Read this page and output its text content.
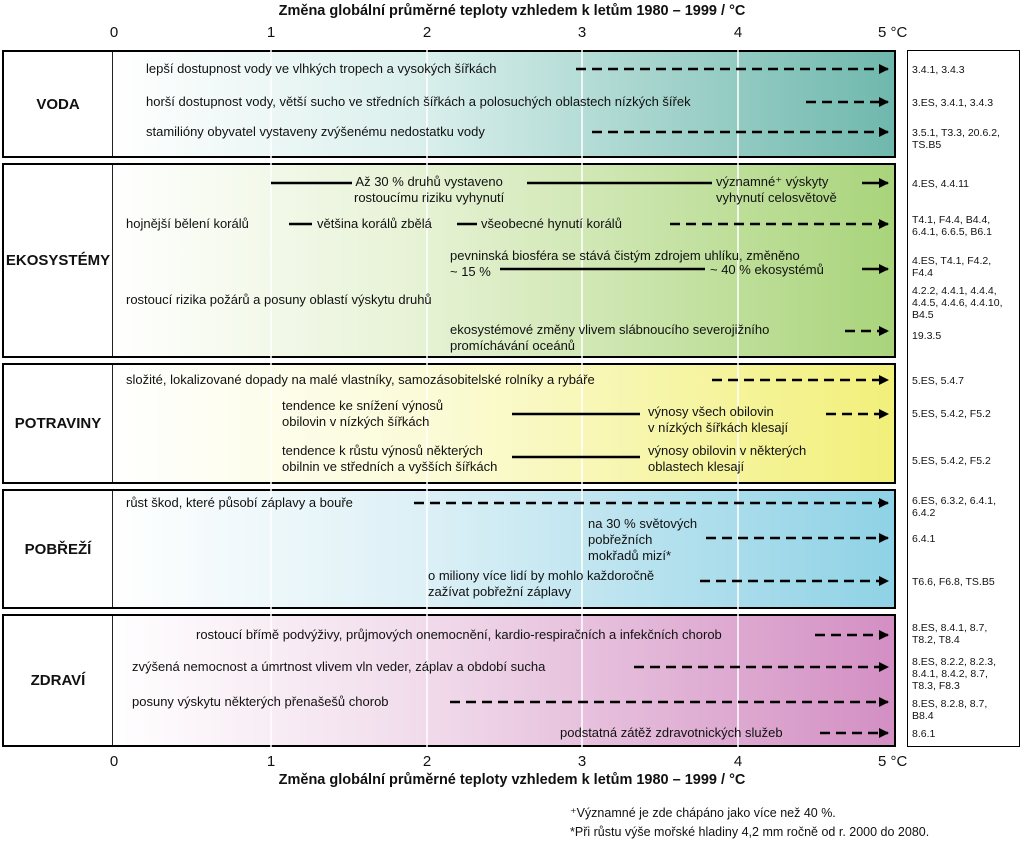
Změna globální průměrné teploty vzhledem k letům 1980 – 1999 / °C
0	1	2	3	4	5 °C
VODA
EKOSYSTÉMY
POTRAVINY
POBŘEŽÍ
ZDRAVÍ
lepší dostupnost vody ve vlhkých tropech a vysokých šířkách
horší dostupnost vody, větší sucho ve středních šířkách a polosuchých oblastech nízkých šířek
stamilióny obyvatel vystaveny zvýšenému nedostatku vody
Až 30 % druhů vystaveno
rostoucímu riziku vyhynutí
významné⁺ výskyty
vyhynutí celosvětově
hojnější bělení korálů	většina korálů zbělá	všeobecné hynutí korálů
pevninská biosféra se stává čistým zdrojem uhlíku, změněno
~ 15 %	~ 40 % ekosystémů
rostoucí rizika požárů a posuny oblastí výskytu druhů
ekosystémové změny vlivem slábnoucího severojižního
promíchávání oceánů
složité, lokalizované dopady na malé vlastníky, samozásobitelské rolníky a rybáře
tendence ke snížení výnosů
obilovin v nízkých šířkách
výnosy všech obilovin
v nízkých šířkách klesají
tendence k růstu výnosů některých
obilnin ve středních a vyšších šířkách
výnosy obilovin v některých
oblastech klesají
růst škod, které působí záplavy a bouře
na 30 % světových
pobřežních
mokřadů mizí*
o miliony více lidí by mohlo každoročně
zažívat pobřežní záplavy
rostoucí břímě podvýživy, průjmových onemocnění, kardio-respiračních a infekčních chorob
zvýšená nemocnost a úmrtnost vlivem vln veder, záplav a období sucha
posuny výskytu některých přenašešů chorob
podstatná zátěž zdravotnických služeb
3.4.1, 3.4.3
3.ES, 3.4.1, 3.4.3
3.5.1, T3.3, 20.6.2,
TS.B5
4.ES, 4.4.11
T4.1, F4.4, B4.4,
6.4.1, 6.6.5, B6.1
4.ES, T4.1, F4.2,
F4.4
4.2.2, 4.4.1, 4.4.4,
4.4.5, 4.4.6, 4.4.10,
B4.5
19.3.5
5.ES, 5.4.7
5.ES, 5.4.2, F5.2
5.ES, 5.4.2, F5.2
6.ES, 6.3.2, 6.4.1,
6.4.2
6.4.1
T6.6, F6.8, TS.B5
8.ES, 8.4.1, 8.7,
T8.2, T8.4
8.ES, 8.2.2, 8.2.3,
8.4.1, 8.4.2, 8.7,
T8.3, F8.3
8.ES, 8.2.8, 8.7,
B8.4
8.6.1
0	1	2	3	4	5 °C
Změna globální průměrné teploty vzhledem k letům 1980 – 1999 / °C
⁺Významné je zde chápáno jako více než 40 %.
*Při růstu výše mořské hladiny 4,2 mm ročně od r. 2000 do 2080.
